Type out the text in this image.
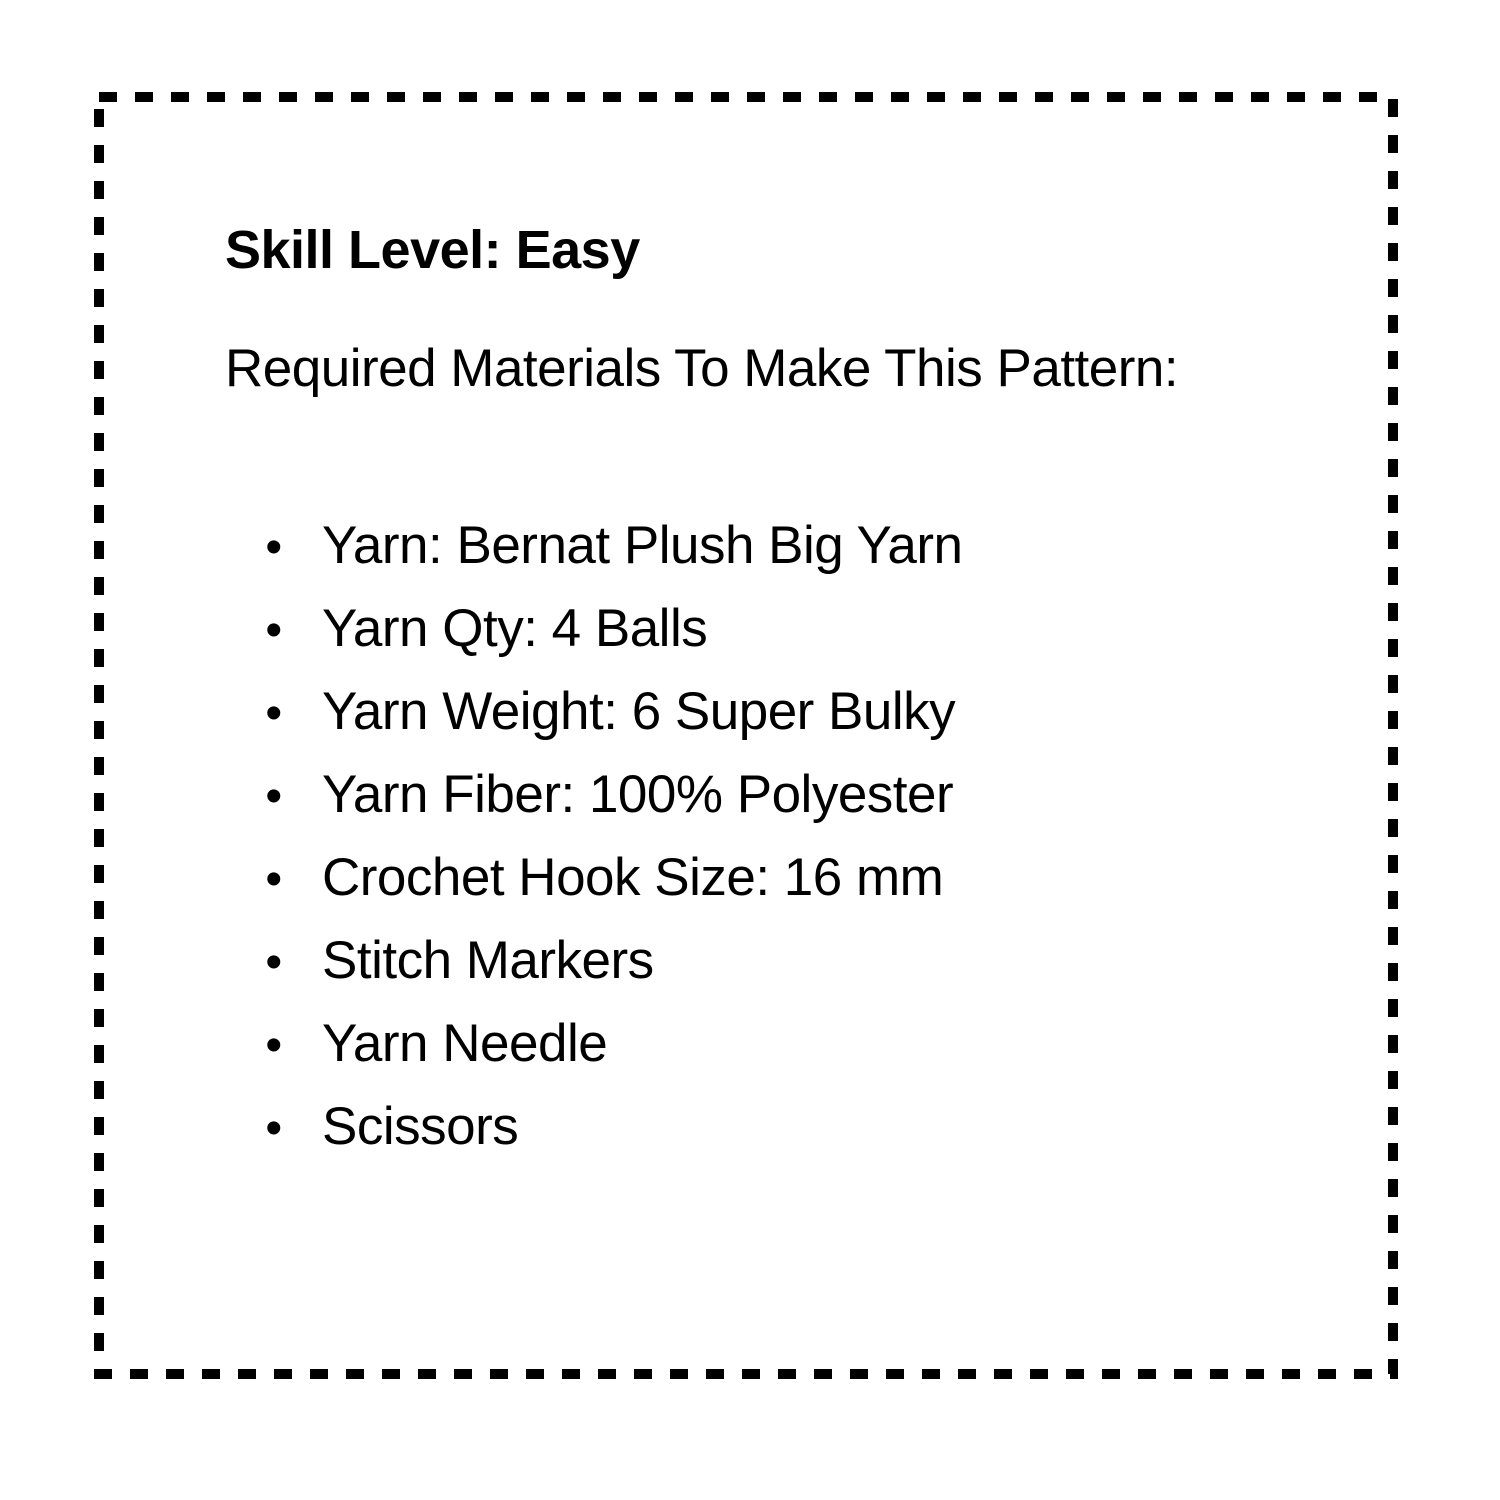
Skill Level: Easy
Required Materials To Make This Pattern:
• Yarn: Bernat Plush Big Yarn
• Yarn Qty: 4 Balls
• Yarn Weight: 6 Super Bulky
• Yarn Fiber: 100% Polyester
• Crochet Hook Size: 16 mm
• Stitch Markers
• Yarn Needle
• Scissors
